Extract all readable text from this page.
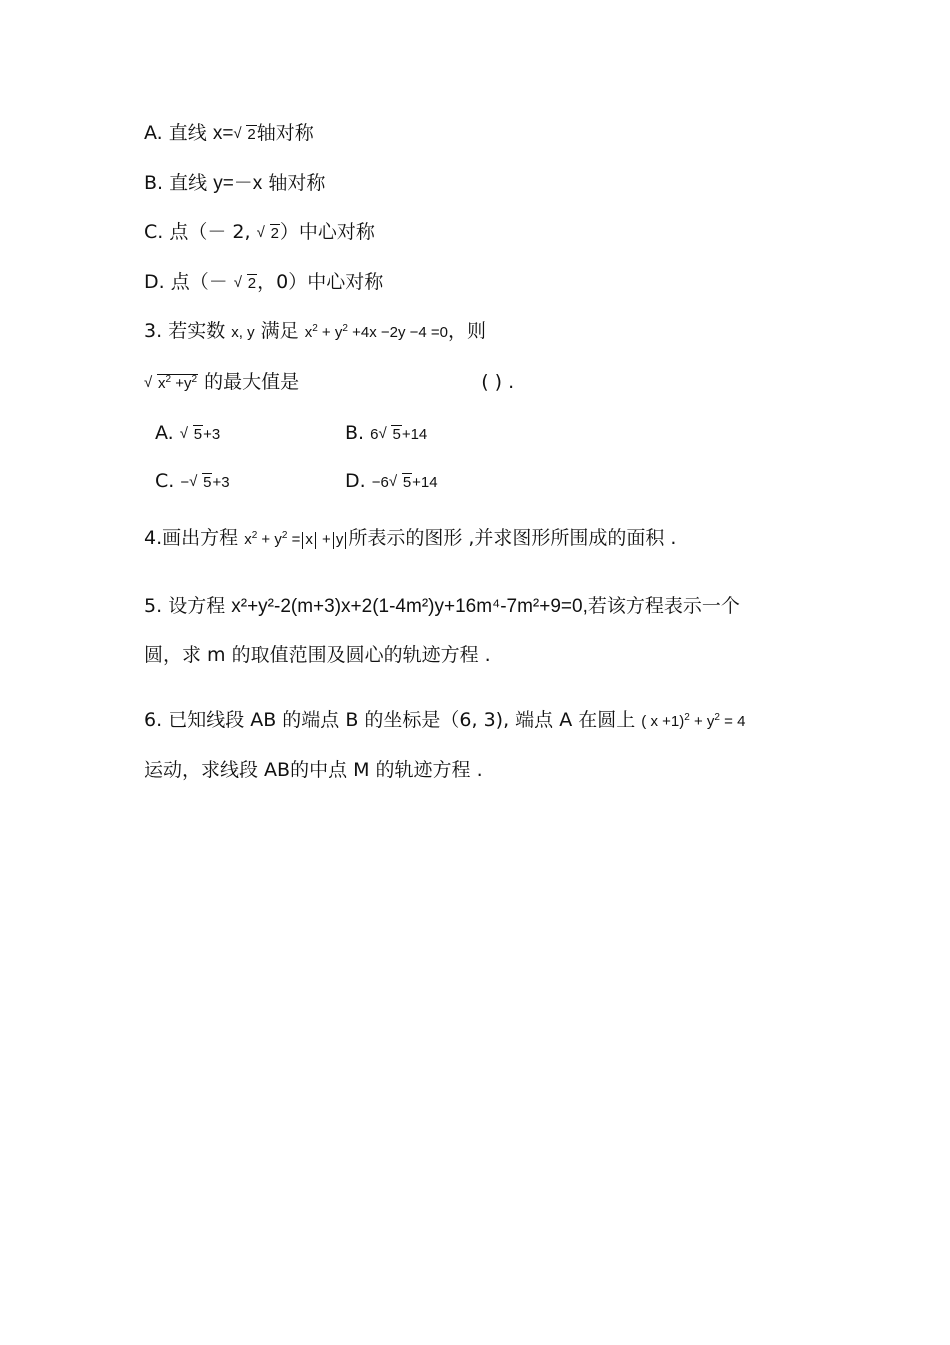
A. 直线 x= √ 2轴对称
B. 直线 y=－x 轴对称
C. 点（－ 2, √ 2）中心对称
D. 点（－ √ 2，0）中心对称
3. 若实数 x, y 满足 $x^2 + y^2 +4x -2y -4 =0$，则
√ $x^2 +y^2$ 的最大值是	( ) .
A. √ 5+3	B. 6 √ 5+14
C. − √ 5+3	D. −6 √ 5+14
4.画出方程 $x^2 + y^2 = x + y$ 所表示的图形 ,并求图形所围成的面积 .
5. 设方程 x²+y²-2(m+3)x+2(1-4m²)y+16m⁴-7m²+9=0,若该方程表示一个
圆，求 m 的取值范围及圆心的轨迹方程 .
6. 已知线段 AB 的端点 B 的坐标是（6, 3), 端点 A 在圆上 ( $x +1)^2 + y^2 = 4$
运动，求线段 AB的中点 M 的轨迹方程 .
